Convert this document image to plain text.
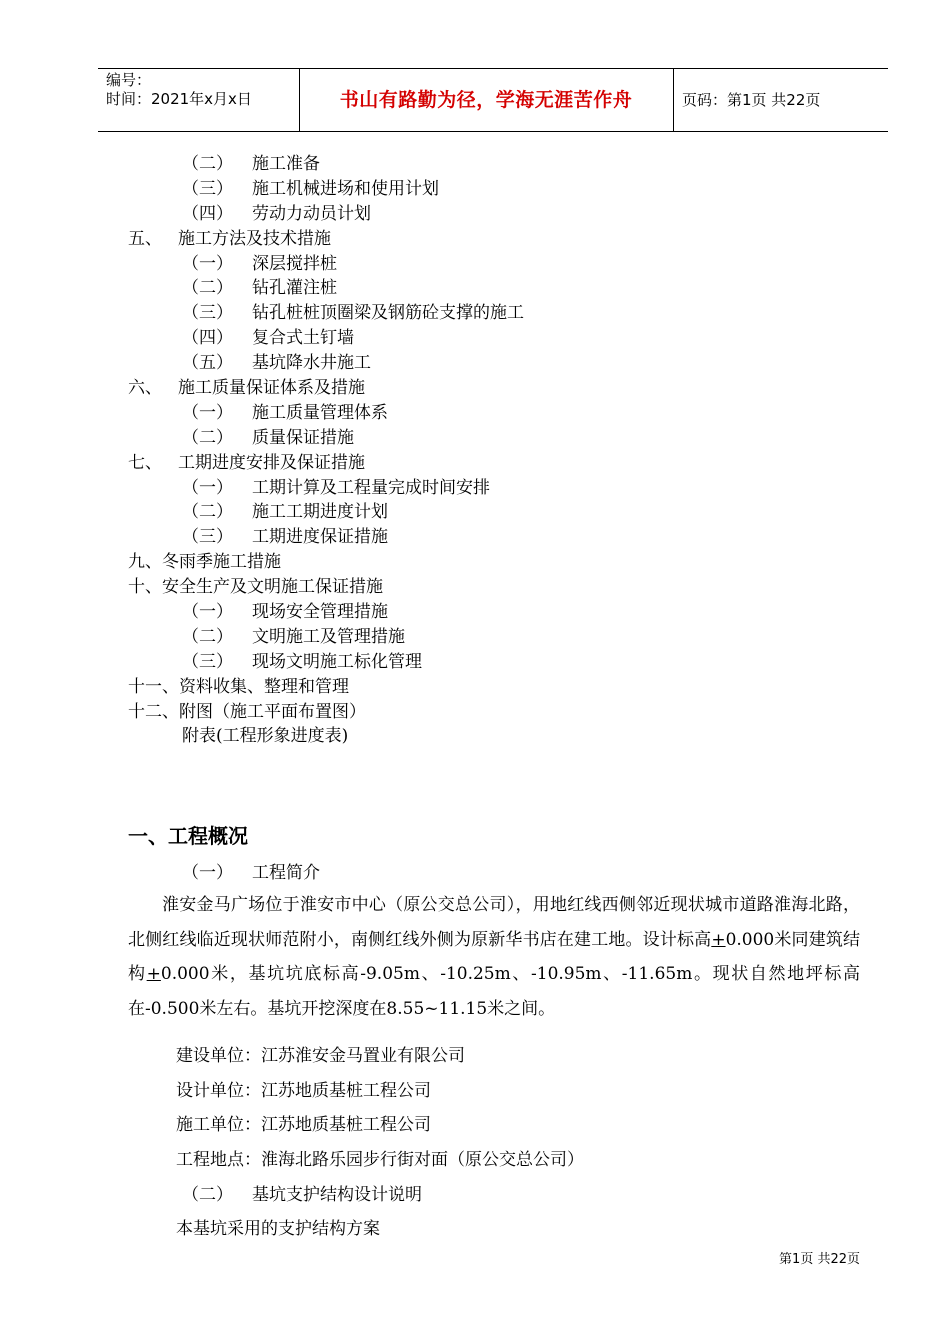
编号：
时间：2021年x月x日	书山有路勤为径，学海无涯苦作舟	页码：第1页 共22页
（二） 施工准备
（三） 施工机械进场和使用计划
（四） 劳动力动员计划
五、 施工方法及技术措施
（一） 深层搅拌桩
（二） 钻孔灌注桩
（三） 钻孔桩桩顶圈梁及钢筋砼支撑的施工
（四） 复合式土钉墙
（五） 基坑降水井施工
六、 施工质量保证体系及措施
（一） 施工质量管理体系
（二） 质量保证措施
七、 工期进度安排及保证措施
（一） 工期计算及工程量完成时间安排
（二） 施工工期进度计划
（三） 工期进度保证措施
九、冬雨季施工措施
十、安全生产及文明施工保证措施
（一） 现场安全管理措施
（二） 文明施工及管理措施
（三） 现场文明施工标化管理
十一、资料收集、整理和管理
十二、附图（施工平面布置图）
附表(工程形象进度表)
一、工程概况
（一） 工程简介
淮安金马广场位于淮安市中心（原公交总公司），用地红线西侧邻近现状城市道路淮海北路，北侧红线临近现状师范附小，南侧红线外侧为原新华书店在建工地。设计标高+0.000米同建筑结构+0.000米，基坑坑底标高-9.05m、-10.25m、-10.95m、-11.65m。现状自然地坪标高在-0.500米左右。基坑开挖深度在8.55~11.15米之间。
建设单位：江苏淮安金马置业有限公司
设计单位：江苏地质基桩工程公司
施工单位：江苏地质基桩工程公司
工程地点：淮海北路乐园步行街对面（原公交总公司）
（二） 基坑支护结构设计说明
本基坑采用的支护结构方案
第1页 共22页
